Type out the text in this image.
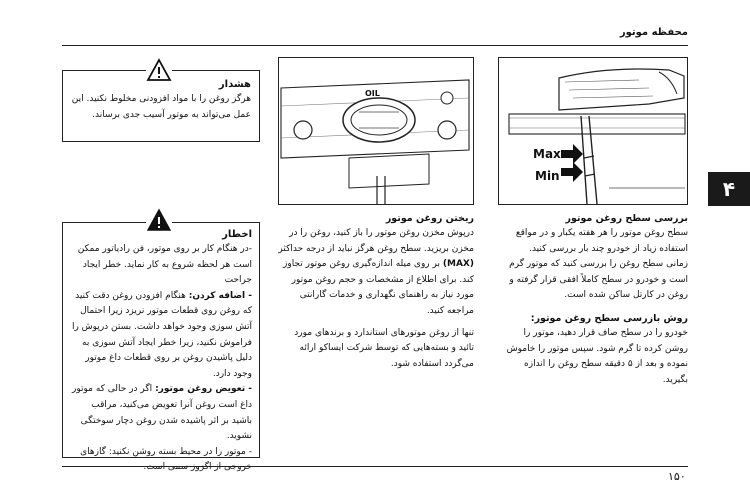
محفظه موتور
۴
Max
Min
OIL
هشدار
هرگز روغن را با مواد افزودنی مخلوط نکنید. این عمل می‌تواند به موتور آسیب جدی برساند.
اخطار
-در هنگام کار بر روی موتور، فن رادیاتور ممکن است هر لحظه شروع به کار نماید. خطر ایجاد جراحت
- اضافه کردن: هنگام افزودن روغن دقت کنید که روغن روی قطعات موتور نریزد زیرا احتمال آتش سوزی وجود خواهد داشت. بستن درپوش را فراموش نکنید، زیرا خطر ایجاد آتش سوزی به دلیل پاشیدن روغن بر روی قطعات داغ موتور وجود دارد.
- تعویض روغن موتور: اگر در حالی که موتور داغ است روغن آنرا تعویض می‌کنید، مراقب باشید بر اثر پاشیده شدن روغن دچار سوختگی نشوید.
- موتور را در محیط بسته روشن نکنید: گازهای خروجی از اگزوز سمی است.
ریختن روغن موتور
درپوش مخزن روغن موتور را باز کنید، روغن را در مخزن بریزید. سطح روغن هرگز نباید از درجه حداکثر (MAX) بر روی میله اندازه‌گیری روغن موتور تجاوز کند. برای اطلاع از مشخصات و حجم روغن موتور مورد نیاز به راهنمای نگهداری و خدمات گارانتی مراجعه کنید.
تنها از روغن موتورهای استاندارد و برندهای مورد تائید و بسته‌هایی که توسط شرکت ایساکو ارائه می‌گردد استفاده شود.
بررسی سطح روغن موتور
سطح روغن موتور را هر هفته یکبار و در مواقع استفاده زیاد از خودرو چند بار بررسی کنید.
زمانی سطح روغن را بررسی کنید که موتور گرم است و خودرو در سطح کاملاً افقی قرار گرفته و روغن در کارتل ساکن شده است.
روش بازرسی سطح روغن موتور:
خودرو را در سطح صاف قرار دهید، موتور را روشن کرده تا گرم شود. سپس موتور را خاموش نموده و بعد از ۵ دقیقه سطح روغن را اندازه بگیرید.
۱۵۰
